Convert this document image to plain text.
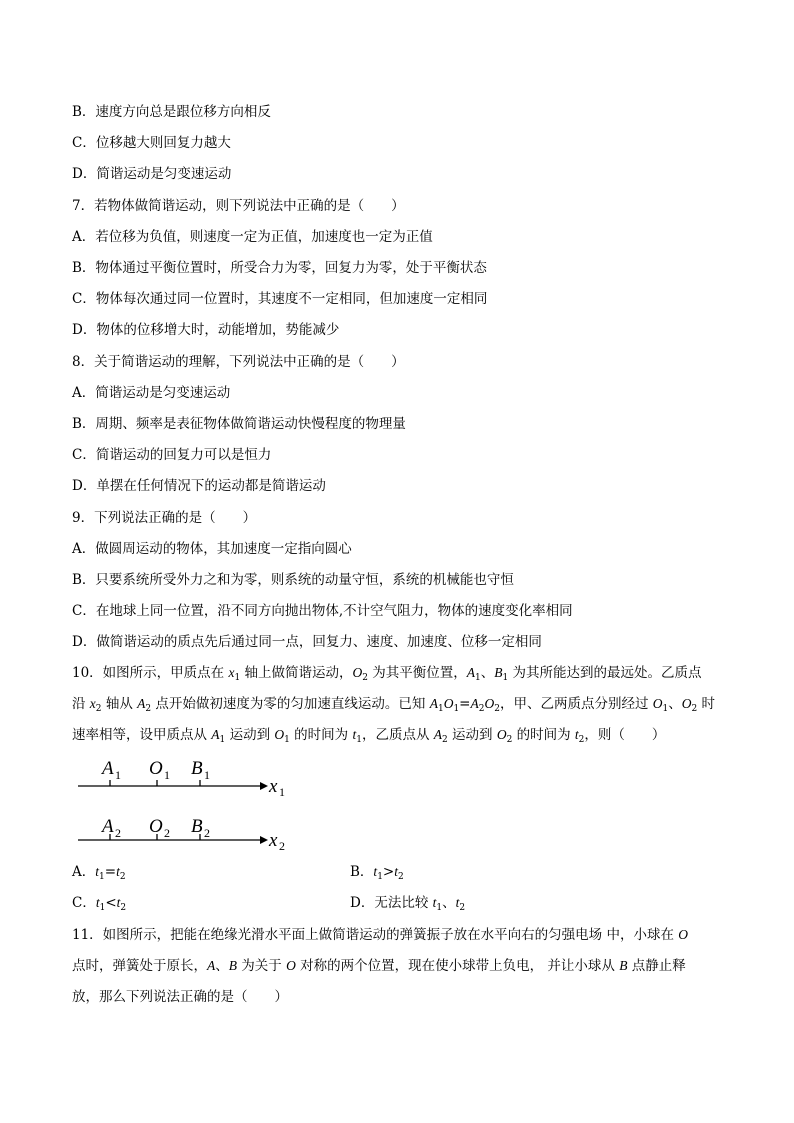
B．速度方向总是跟位移方向相反
C．位移越大则回复力越大
D．简谐运动是匀变速运动
7．若物体做简谐运动，则下列说法中正确的是（　　）
A．若位移为负值，则速度一定为正值，加速度也一定为正值
B．物体通过平衡位置时，所受合力为零，回复力为零，处于平衡状态
C．物体每次通过同一位置时，其速度不一定相同，但加速度一定相同
D．物体的位移增大时，动能增加，势能减少
8．关于简谐运动的理解，下列说法中正确的是（　　）
A．简谐运动是匀变速运动
B．周期、频率是表征物体做简谐运动快慢程度的物理量
C．简谐运动的回复力可以是恒力
D．单摆在任何情况下的运动都是简谐运动
9．下列说法正确的是（　　）
A．做圆周运动的物体，其加速度一定指向圆心
B．只要系统所受外力之和为零，则系统的动量守恒，系统的机械能也守恒
C．在地球上同一位置，沿不同方向抛出物体,不计空气阻力，物体的速度变化率相同
D．做简谐运动的质点先后通过同一点，回复力、速度、加速度、位移一定相同
10．如图所示，甲质点在 $x_1$ 轴上做简谐运动，$O_2$ 为其平衡位置，$A_1$、$B_1$ 为其所能达到的最远处。乙质点
沿 $x_2$ 轴从 $A_2$ 点开始做初速度为零的匀加速直线运动。已知 $A_1O_1=A_2O_2$，甲、乙两质点分别经过 $O_1$、$O_2$ 时
速率相等，设甲质点从 $A_1$ 运动到 $O_1$ 的时间为 $t_1$，乙质点从 $A_2$ 运动到 $O_2$ 的时间为 $t_2$，则（　　）
A 1 O 1 B 1
x 1
A 2 O 2 B 2	x 2
A．$t_1=t_2$	B．$t_1>t_2$
C．$t_1<t_2$	D．无法比较 $t_1$、$t_2$
11．如图所示，把能在绝缘光滑水平面上做简谐运动的弹簧振子放在水平向右的匀强电场 中，小球在 O
点时，弹簧处于原长，A、B 为关于 O 对称的两个位置，现在使小球带上负电， 并让小球从 B 点静止释
放，那么下列说法正确的是（　　）
